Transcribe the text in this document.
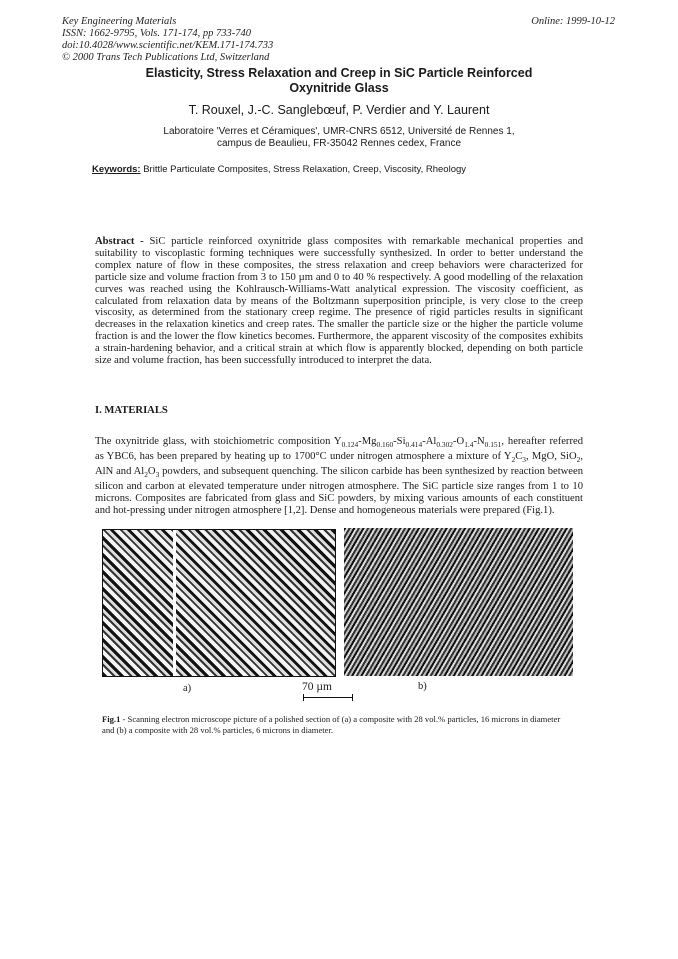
Key Engineering Materials
ISSN: 1662-9795, Vols. 171-174, pp 733-740
doi:10.4028/www.scientific.net/KEM.171-174.733
© 2000 Trans Tech Publications Ltd, Switzerland
Online: 1999-10-12
Elasticity, Stress Relaxation and Creep in SiC Particle Reinforced
Oxynitride Glass
T. Rouxel, J.-C. Sanglebœuf, P. Verdier and Y. Laurent
Laboratoire 'Verres et Céramiques', UMR-CNRS 6512, Université de Rennes 1,
campus de Beaulieu, FR-35042 Rennes cedex, France
Keywords: Brittle Particulate Composites, Stress Relaxation, Creep, Viscosity, Rheology
Abstract - SiC particle reinforced oxynitride glass composites with remarkable mechanical properties and suitability to viscoplastic forming techniques were successfully synthesized. In order to better understand the complex nature of flow in these composites, the stress relaxation and creep behaviors were characterized for particle size and volume fraction from 3 to 150 µm and 0 to 40 % respectively. A good modelling of the relaxation curves was reached using the Kohlrausch-Williams-Watt analytical expression. The viscosity coefficient, as calculated from relaxation data by means of the Boltzmann superposition principle, is very close to the creep viscosity, as determined from the stationary creep regime. The presence of rigid particles results in significant decreases in the relaxation kinetics and creep rates. The smaller the particle size or the higher the particle volume fraction is and the lower the flow kinetics becomes. Furthermore, the apparent viscosity of the composites exhibits a strain-hardening behavior, and a critical strain at which flow is apparently blocked, depending on both particle size and volume fraction, has been successfully introduced to interpret the data.
I. MATERIALS
The oxynitride glass, with stoichiometric composition $Y_{0.124}-Mg_{0.160}-Si_{0.414}-Al_{0.302}-O_{1.4}-N_{0.151}$, hereafter referred as YBC6, has been prepared by heating up to 1700°C under nitrogen atmosphere a mixture of $Y_2C_3$, MgO, SiO$_2$, AlN and $Al_2O_3$ powders, and subsequent quenching. The silicon carbide has been synthesized by reaction between silicon and carbon at elevated temperature under nitrogen atmosphere. The SiC particle size ranges from 1 to 10 microns. Composites are fabricated from glass and SiC powders, by mixing various amounts of each constituent and hot-pressing under nitrogen atmosphere [1,2]. Dense and homogeneous materials were prepared (Fig.1).
a)	b)
70 µm
Fig.1 - Scanning electron microscope picture of a polished section of (a) a composite with 28 vol.% particles, 16 microns in diameter and (b) a composite with 28 vol.% particles, 6 microns in diameter.
